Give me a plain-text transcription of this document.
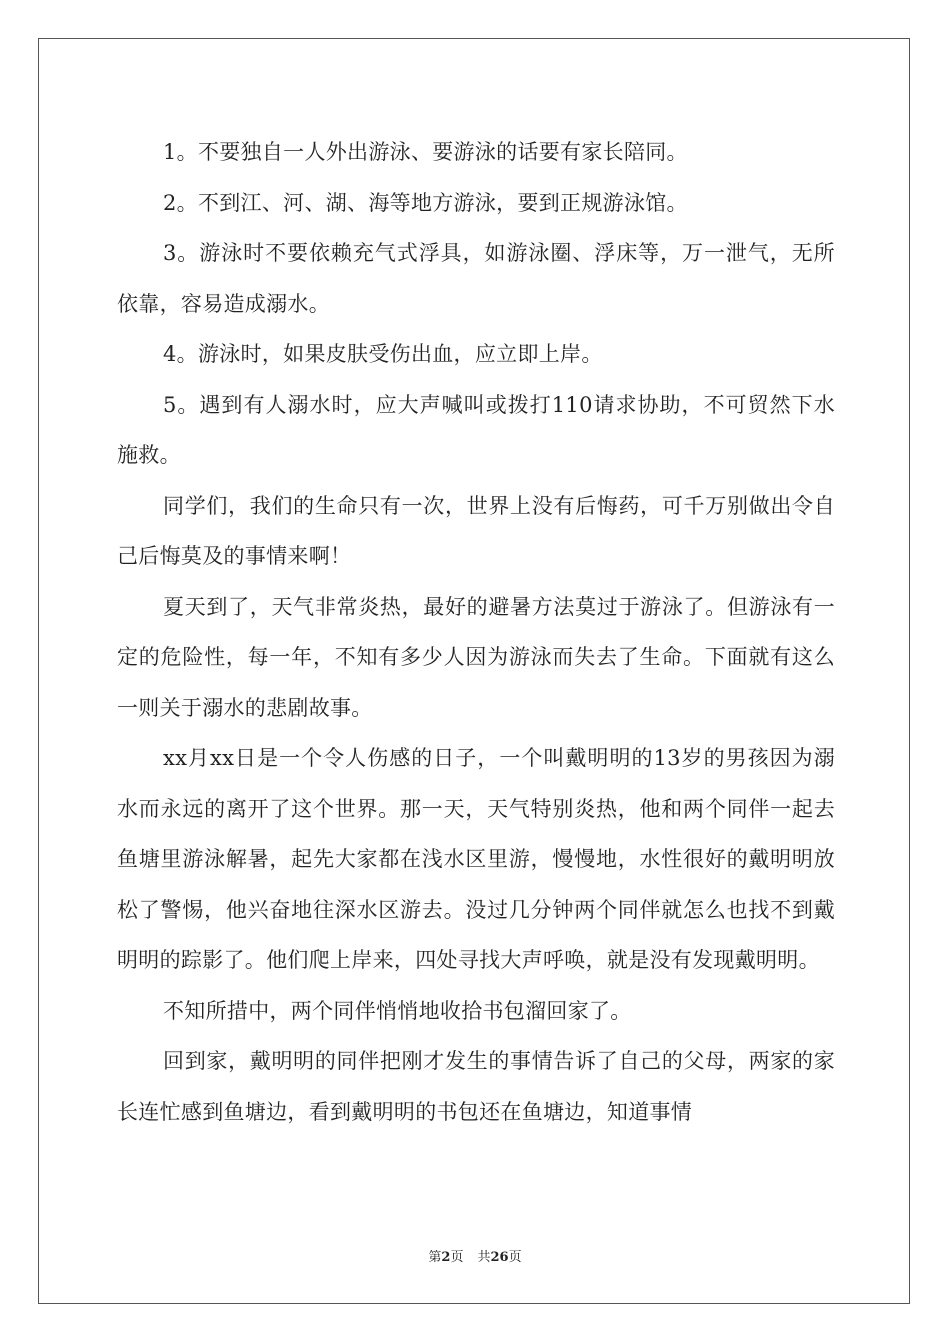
1。不要独自一人外出游泳、要游泳的话要有家长陪同。

2。不到江、河、湖、海等地方游泳，要到正规游泳馆。

3。游泳时不要依赖充气式浮具，如游泳圈、浮床等，万一泄气，无所依靠，容易造成溺水。

4。游泳时，如果皮肤受伤出血，应立即上岸。

5。遇到有人溺水时，应大声喊叫或拨打110请求协助，不可贸然下水施救。

同学们，我们的生命只有一次，世界上没有后悔药，可千万别做出令自己后悔莫及的事情来啊！

夏天到了，天气非常炎热，最好的避暑方法莫过于游泳了。但游泳有一定的危险性，每一年，不知有多少人因为游泳而失去了生命。下面就有这么一则关于溺水的悲剧故事。

xx月xx日是一个令人伤感的日子，一个叫戴明明的13岁的男孩因为溺水而永远的离开了这个世界。那一天，天气特别炎热，他和两个同伴一起去鱼塘里游泳解暑，起先大家都在浅水区里游，慢慢地，水性很好的戴明明放松了警惕，他兴奋地往深水区游去。没过几分钟两个同伴就怎么也找不到戴明明的踪影了。他们爬上岸来，四处寻找大声呼唤，就是没有发现戴明明。

不知所措中，两个同伴悄悄地收拾书包溜回家了。

回到家，戴明明的同伴把刚才发生的事情告诉了自己的父母，两家的家长连忙感到鱼塘边，看到戴明明的书包还在鱼塘边，知道事情

第2页 共26页
